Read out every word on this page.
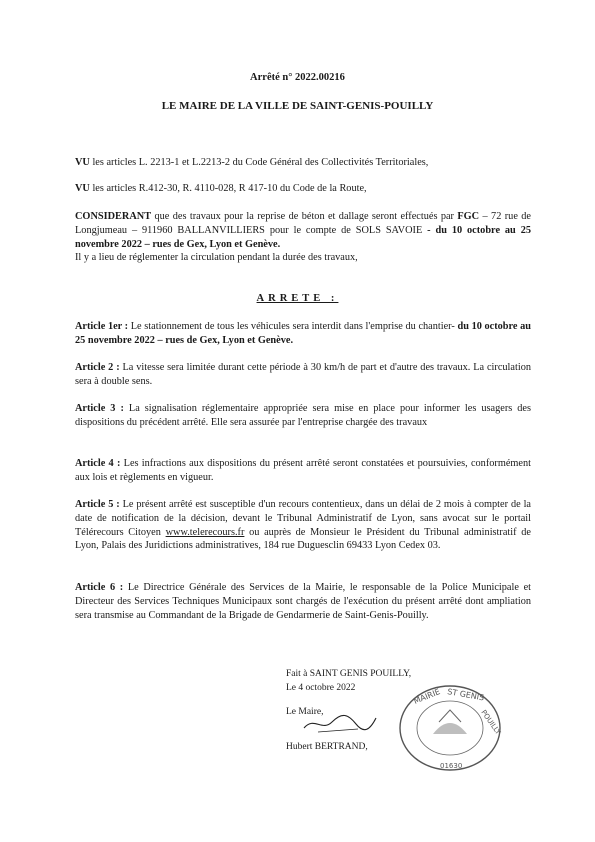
Arrêté n° 2022.00216
LE MAIRE DE LA VILLE DE SAINT-GENIS-POUILLY
VU les articles L. 2213-1 et L.2213-2 du Code Général des Collectivités Territoriales,
VU les articles R.412-30, R. 4110-028, R 417-10 du Code de la Route,
CONSIDERANT que des travaux pour la reprise de béton et dallage seront effectués par FGC – 72 rue de Longjumeau – 911960 BALLANVILLIERS pour le compte de SOLS SAVOIE - du 10 octobre au 25 novembre 2022 – rues de Gex, Lyon et Genève.
Il y a lieu de réglementer la circulation pendant la durée des travaux,
ARRETE :
Article 1er : Le stationnement de tous les véhicules sera interdit dans l'emprise du chantier- du 10 octobre au 25 novembre 2022 – rues de Gex, Lyon et Genève.
Article 2 : La vitesse sera limitée durant cette période à 30 km/h de part et d'autre des travaux. La circulation sera à double sens.
Article 3 : La signalisation réglementaire appropriée sera mise en place pour informer les usagers des dispositions du précédent arrêté. Elle sera assurée par l'entreprise chargée des travaux
Article 4 : Les infractions aux dispositions du présent arrêté seront constatées et poursuivies, conformément aux lois et règlements en vigueur.
Article 5 : Le présent arrêté est susceptible d'un recours contentieux, dans un délai de 2 mois à compter de la date de notification de la décision, devant le Tribunal Administratif de Lyon, sans avocat sur le portail Télérecours Citoyen www.telerecours.fr ou auprès de Monsieur le Président du Tribunal administratif de Lyon, Palais des Juridictions administratives, 184 rue Duguesclin 69433 Lyon Cedex 03.
Article 6 : Le Directrice Générale des Services de la Mairie, le responsable de la Police Municipale et Directeur des Services Techniques Municipaux sont chargés de l'exécution du présent arrêté dont ampliation sera transmise au Commandant de la Brigade de Gendarmerie de Saint-Genis-Pouilly.
Fait à SAINT GENIS POUILLY,
Le 4 octobre 2022
Le Maire,
Hubert BERTRAND,
MAIRIE ST GENIS
POUILLY
01630
